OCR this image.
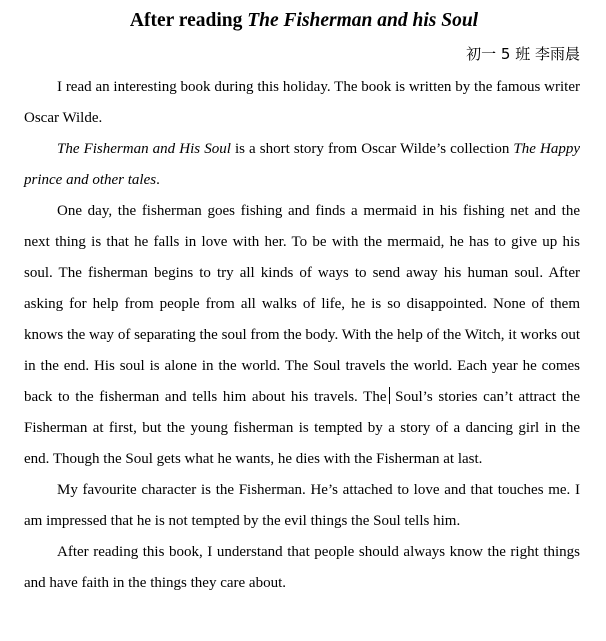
After reading The Fisherman and his Soul
初一 5 班 李雨晨

I read an interesting book during this holiday. The book is written by the famous writer Oscar Wilde.

The Fisherman and His Soul is a short story from Oscar Wilde’s collection The Happy prince and other tales.

One day, the fisherman goes fishing and finds a mermaid in his fishing net and the next thing is that he falls in love with her. To be with the mermaid, he has to give up his soul. The fisherman begins to try all kinds of ways to send away his human soul. After asking for help from people from all walks of life, he is so disappointed. None of them knows the way of separating the soul from the body. With the help of the Witch, it works out in the end. His soul is alone in the world. The Soul travels the world. Each year he comes back to the fisherman and tells him about his travels. The Soul’s stories can’t attract the Fisherman at first, but the young fisherman is tempted by a story of a dancing girl in the end. Though the Soul gets what he wants, he dies with the Fisherman at last.

My favourite character is the Fisherman. He’s attached to love and that touches me. I am impressed that he is not tempted by the evil things the Soul tells him.

After reading this book, I understand that people should always know the right things and have faith in the things they care about.
